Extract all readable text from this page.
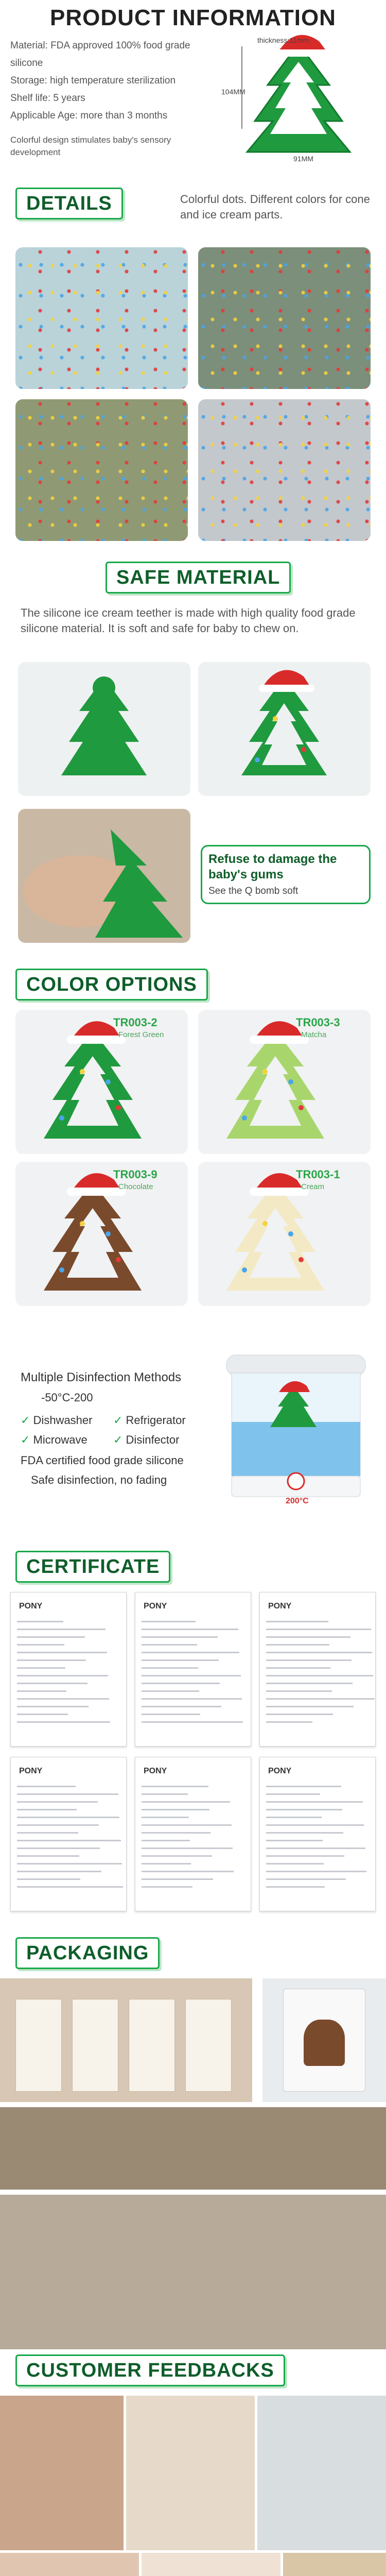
PRODUCT INFORMATION
Material: FDA approved 100% food grade silicone
Storage: high temperature sterilization
Shelf life: 5 years
Applicable Age: more than 3 months
Colorful design stimulates baby's sensory development
thickness:11mm
104MM
91MM
DETAILS	Colorful dots. Different colors for cone and ice cream parts.
SAFE MATERIAL
The silicone ice cream teether is made with high quality food grade silicone material. It is soft and safe for baby to chew on.
Refuse to damage the baby's gums
See the Q bomb soft
COLOR OPTIONS
TR003-2
Forest Green
TR003-3
Matcha
TR003-9
Chocolate
TR003-1
Cream
Multiple Disinfection Methods
-50°C-200
✓ Dishwasher	✓ Refrigerator
✓ Microwave	✓ Disinfector
FDA certified food grade silicone
Safe disinfection, no fading
200°C
CERTIFICATE
PONY	PONY	PONY
PONY	PONY	PONY
PACKAGING
CUSTOMER FEEDBACKS
